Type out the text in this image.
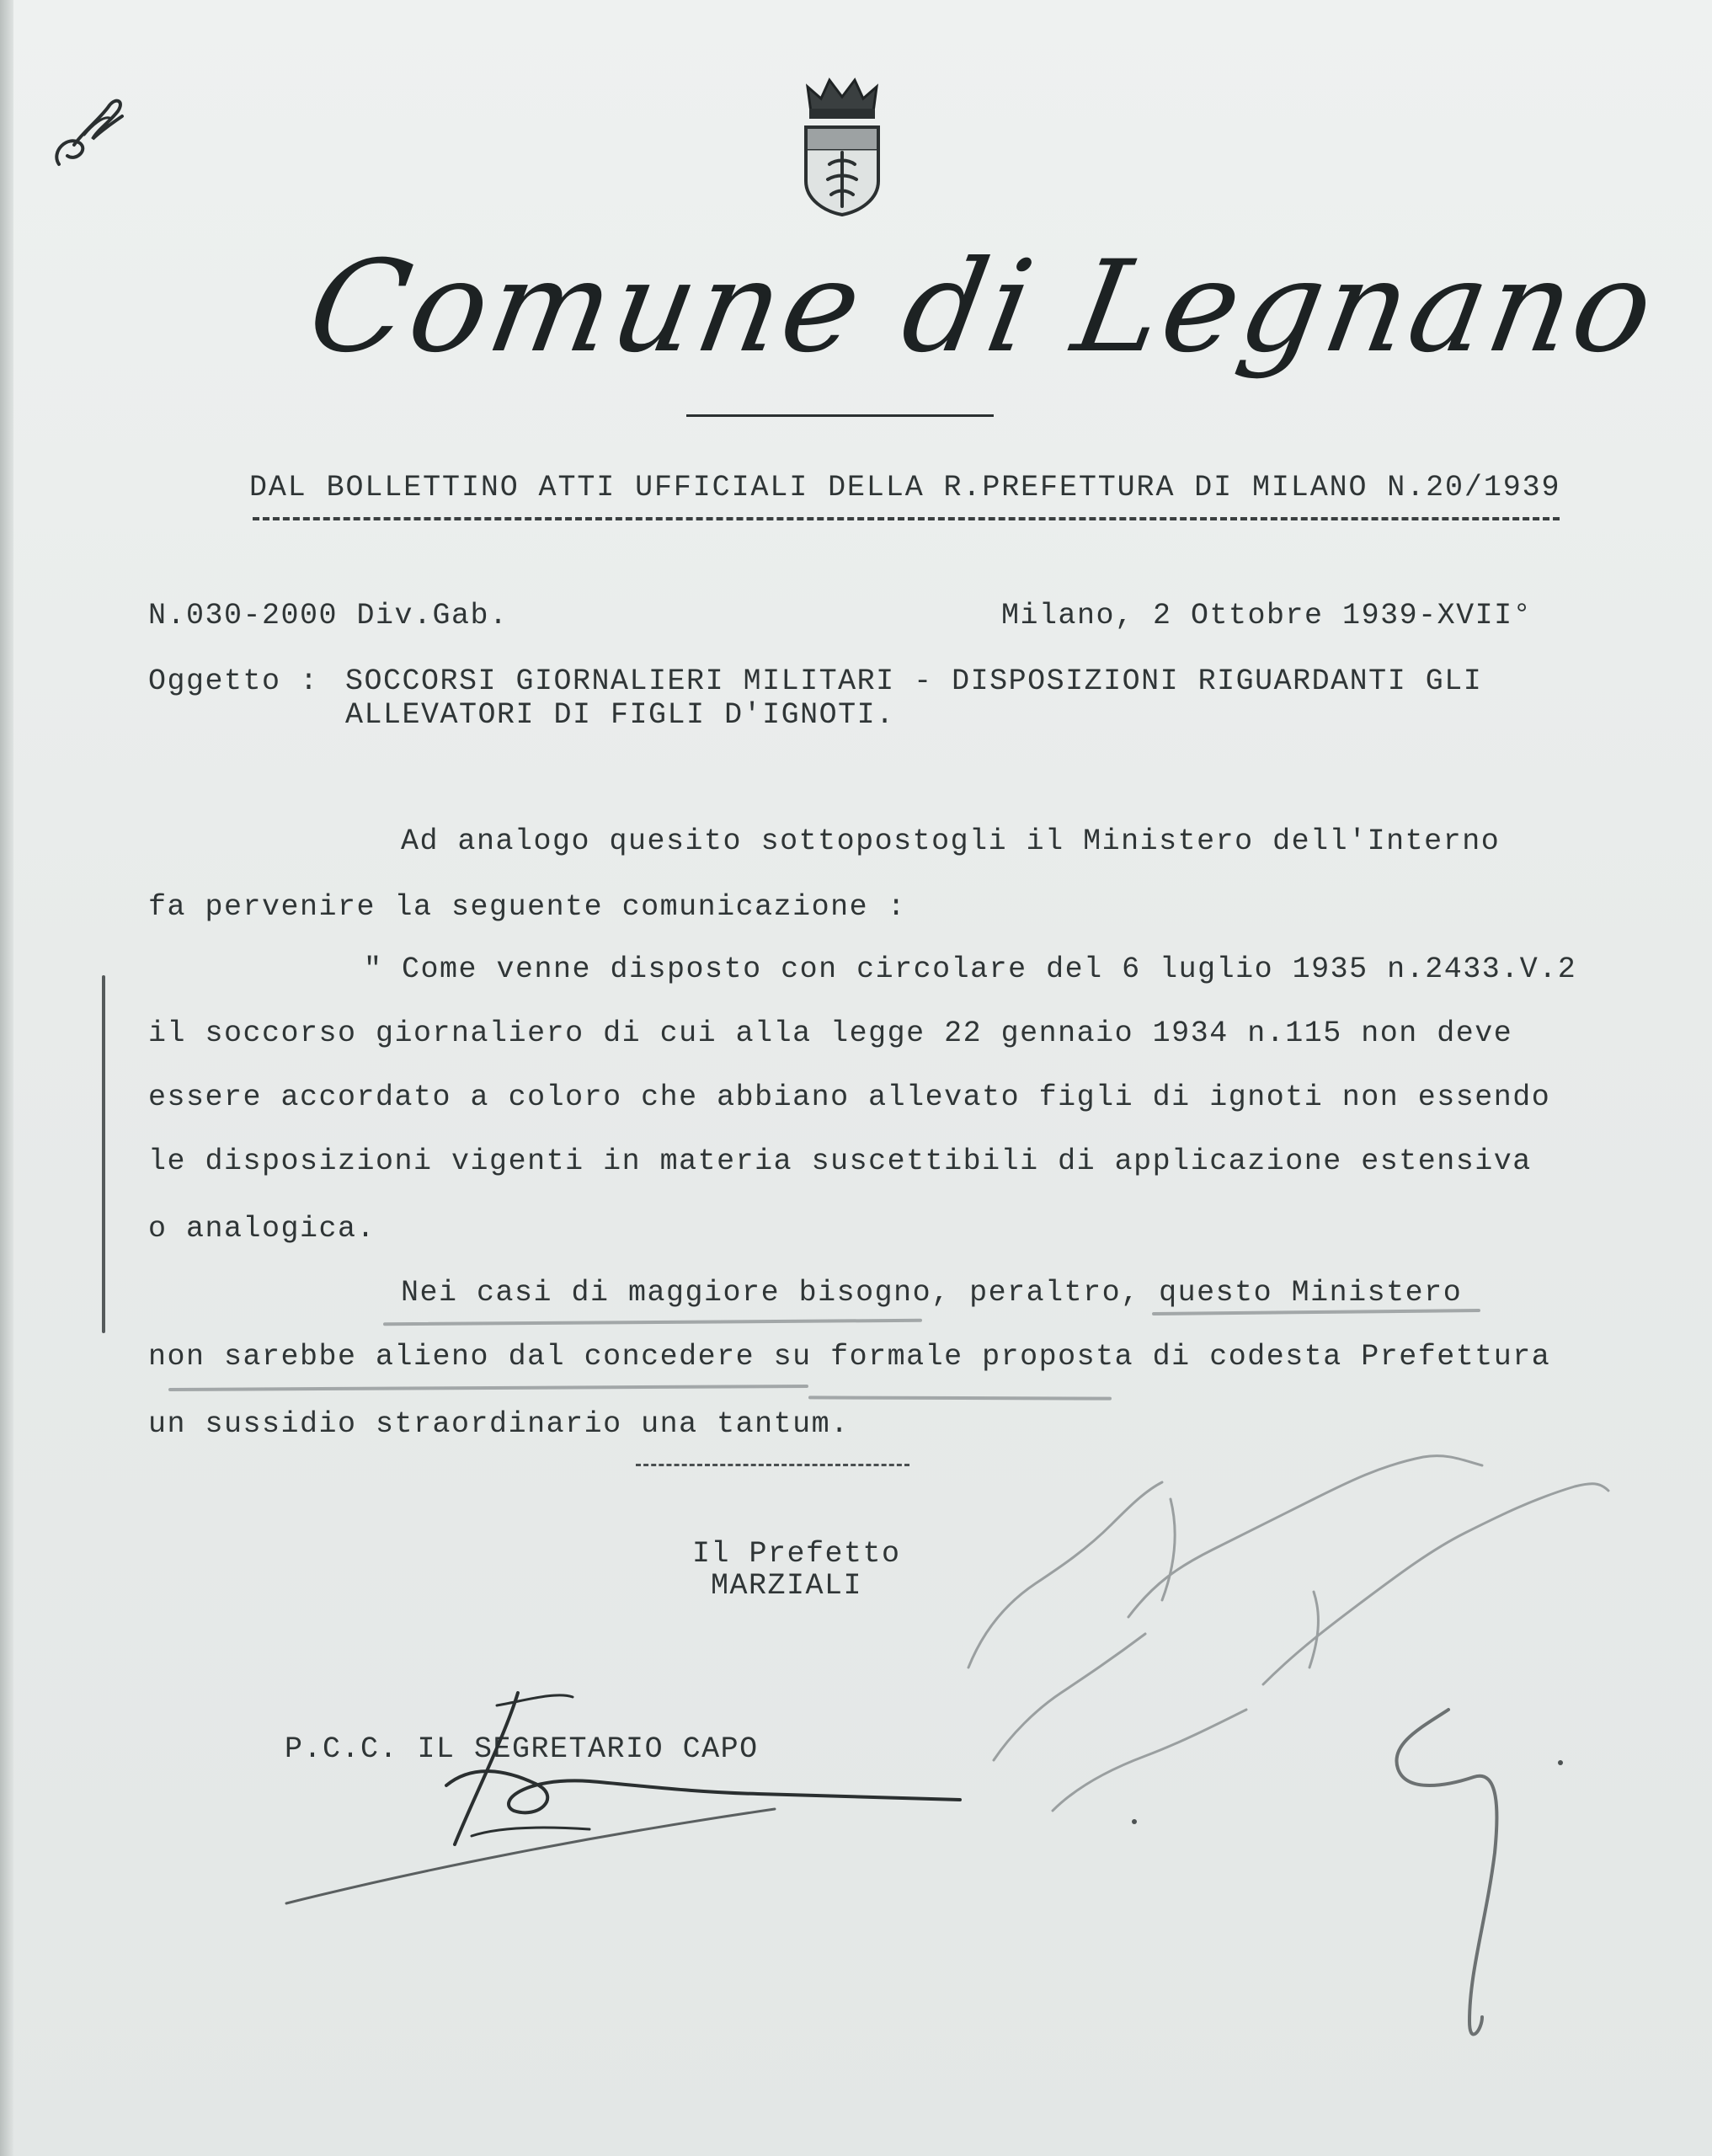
Comune di Legnano
DAL BOLLETTINO ATTI UFFICIALI DELLA R.PREFETTURA DI MILANO N.20/1939
N.030-2000 Div.Gab.	Milano, 2 Ottobre 1939-XVII°
Oggetto : SOCCORSI GIORNALIERI MILITARI - DISPOSIZIONI RIGUARDANTI GLI
ALLEVATORI DI FIGLI D'IGNOTI.
Ad analogo quesito sottopostogli il Ministero dell'Interno
fa pervenire la seguente comunicazione :
" Come venne disposto con circolare del 6 luglio 1935 n.2433.V.2
il soccorso giornaliero di cui alla legge 22 gennaio 1934 n.115 non deve
essere accordato a coloro che abbiano allevato figli di ignoti non essendo
le disposizioni vigenti in materia suscettibili di applicazione estensiva
o analogica.
Nei casi di maggiore bisogno, peraltro, questo Ministero
non sarebbe alieno dal concedere su formale proposta di codesta Prefettura
un sussidio straordinario una tantum.
Il Prefetto
MARZIALI
P.C.C. IL SEGRETARIO CAPO
